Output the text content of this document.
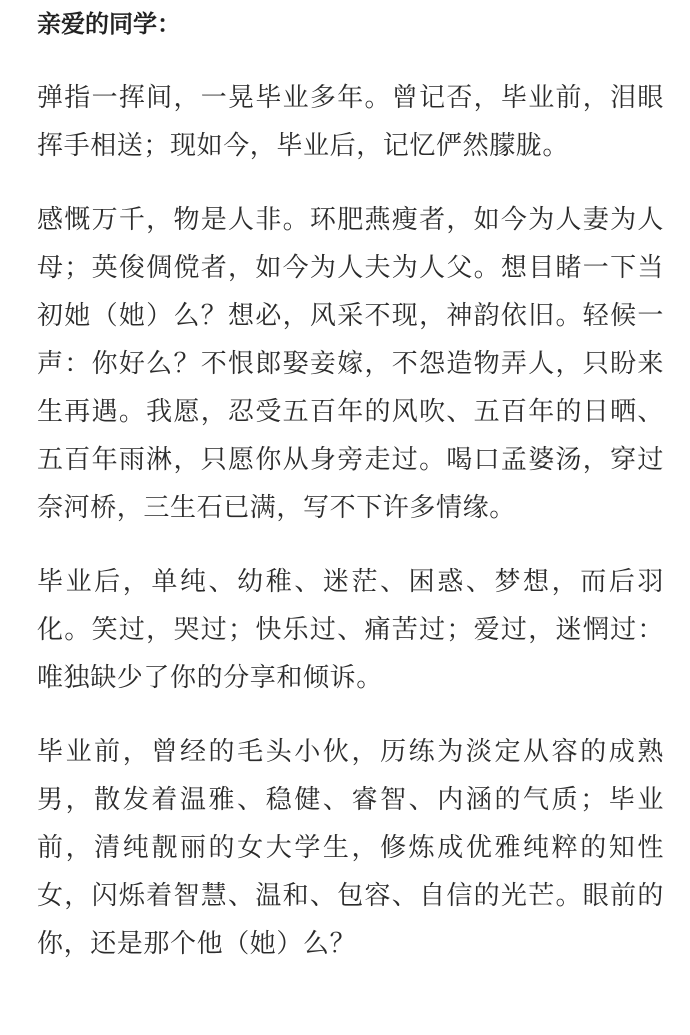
亲爱的同学：

弹指一挥间，一晃毕业多年。曾记否，毕业前，泪眼挥手相送；现如今，毕业后，记忆俨然朦胧。

感慨万千，物是人非。环肥燕瘦者，如今为人妻为人母；英俊倜傥者，如今为人夫为人父。想目睹一下当初她（她）么？想必，风采不现，神韵依旧。轻候一声：你好么？不恨郎娶妾嫁，不怨造物弄人，只盼来生再遇。我愿，忍受五百年的风吹、五百年的日晒、五百年雨淋，只愿你从身旁走过。喝口孟婆汤，穿过奈河桥，三生石已满，写不下许多情缘。

毕业后，单纯、幼稚、迷茫、困惑、梦想，而后羽化。笑过，哭过；快乐过、痛苦过；爱过，迷惘过：唯独缺少了你的分享和倾诉。

毕业前，曾经的毛头小伙，历练为淡定从容的成熟男，散发着温雅、稳健、睿智、内涵的气质；毕业前，清纯靓丽的女大学生，修炼成优雅纯粹的知性女，闪烁着智慧、温和、包容、自信的光芒。眼前的你，还是那个他（她）么？
